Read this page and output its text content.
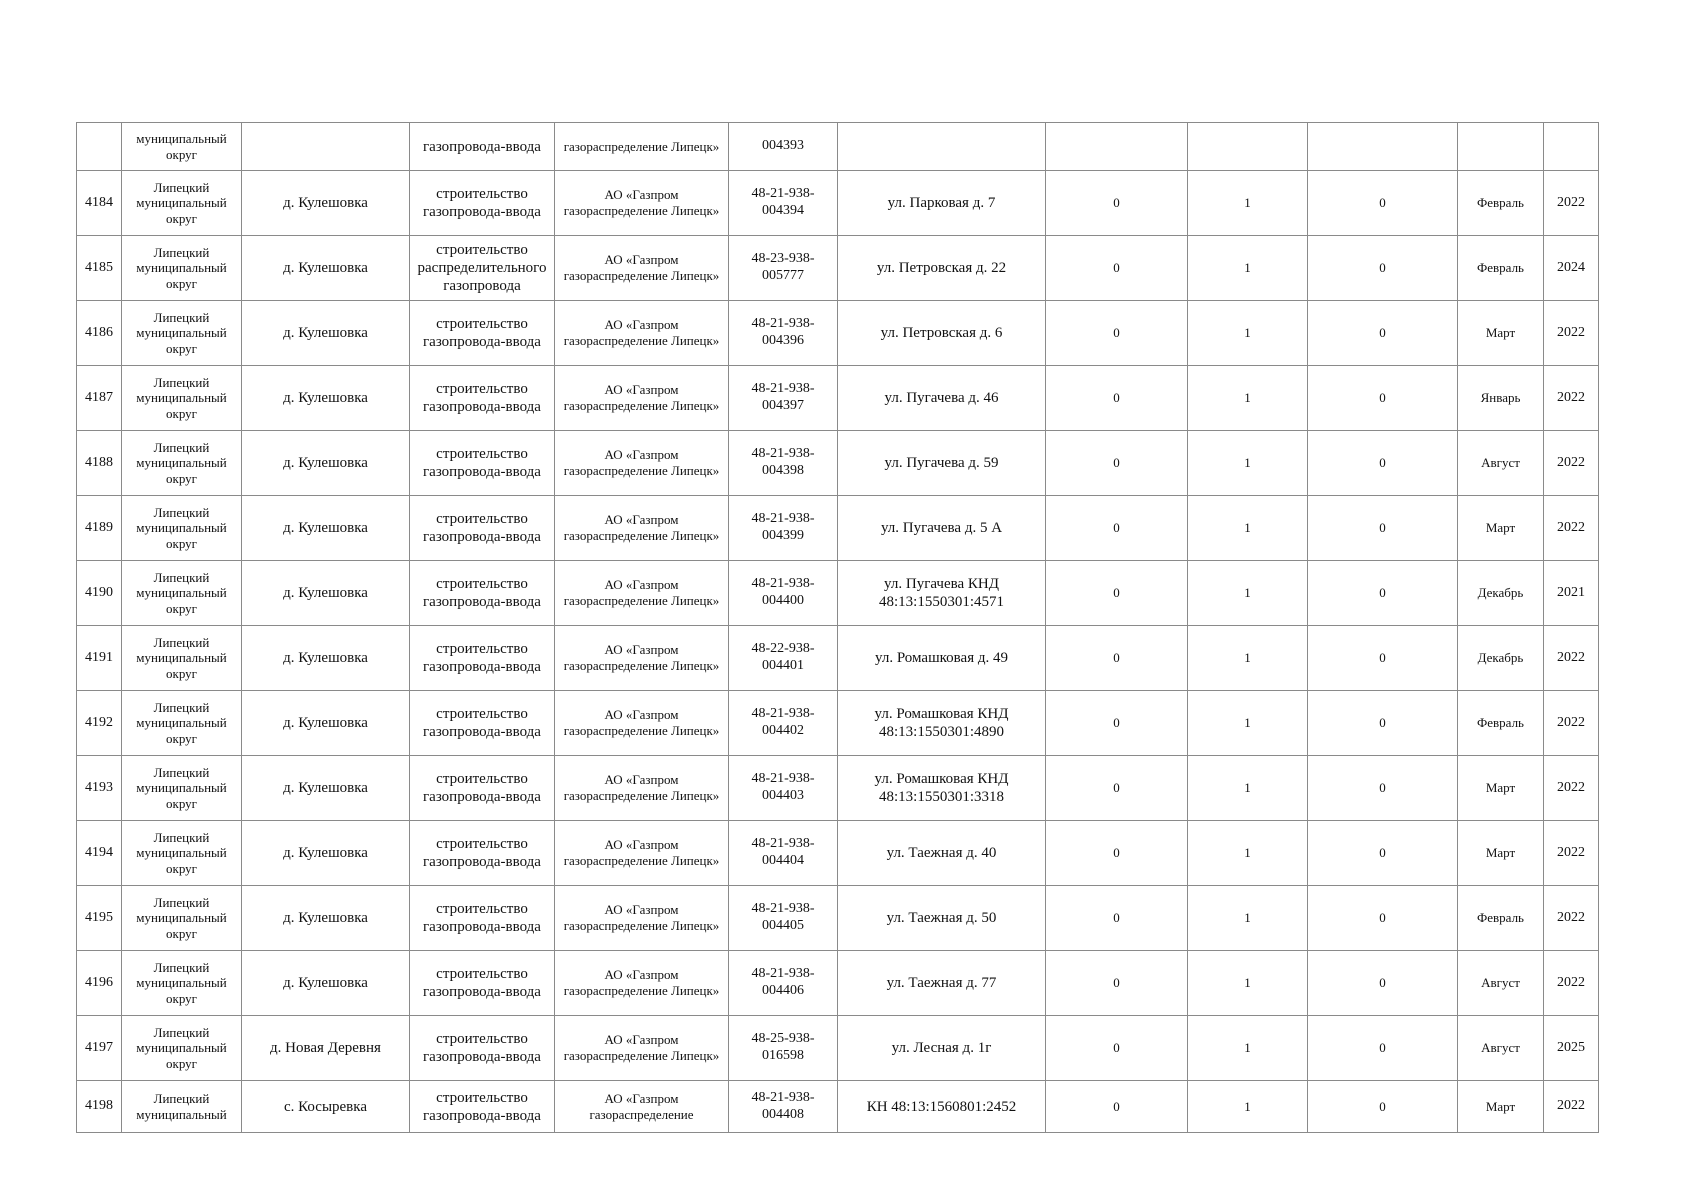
	муниципальный округ		газопровода-ввода	газораспределение Липецк»	004393						
4184	Липецкий муниципальный округ	д. Кулешовка	строительство газопровода-ввода	АО «Газпром газораспределение Липецк»	48-21-938-004394	ул. Парковая д. 7	0	1	0	Февраль	2022
4185	Липецкий муниципальный округ	д. Кулешовка	строительство распределительного газопровода	АО «Газпром газораспределение Липецк»	48-23-938-005777	ул. Петровская д. 22	0	1	0	Февраль	2024
4186	Липецкий муниципальный округ	д. Кулешовка	строительство газопровода-ввода	АО «Газпром газораспределение Липецк»	48-21-938-004396	ул. Петровская д. 6	0	1	0	Март	2022
4187	Липецкий муниципальный округ	д. Кулешовка	строительство газопровода-ввода	АО «Газпром газораспределение Липецк»	48-21-938-004397	ул. Пугачева д. 46	0	1	0	Январь	2022
4188	Липецкий муниципальный округ	д. Кулешовка	строительство газопровода-ввода	АО «Газпром газораспределение Липецк»	48-21-938-004398	ул. Пугачева д. 59	0	1	0	Август	2022
4189	Липецкий муниципальный округ	д. Кулешовка	строительство газопровода-ввода	АО «Газпром газораспределение Липецк»	48-21-938-004399	ул. Пугачева д. 5 А	0	1	0	Март	2022
4190	Липецкий муниципальный округ	д. Кулешовка	строительство газопровода-ввода	АО «Газпром газораспределение Липецк»	48-21-938-004400	ул. Пугачева КНД 48:13:1550301:4571	0	1	0	Декабрь	2021
4191	Липецкий муниципальный округ	д. Кулешовка	строительство газопровода-ввода	АО «Газпром газораспределение Липецк»	48-22-938-004401	ул. Ромашковая д. 49	0	1	0	Декабрь	2022
4192	Липецкий муниципальный округ	д. Кулешовка	строительство газопровода-ввода	АО «Газпром газораспределение Липецк»	48-21-938-004402	ул. Ромашковая КНД 48:13:1550301:4890	0	1	0	Февраль	2022
4193	Липецкий муниципальный округ	д. Кулешовка	строительство газопровода-ввода	АО «Газпром газораспределение Липецк»	48-21-938-004403	ул. Ромашковая КНД 48:13:1550301:3318	0	1	0	Март	2022
4194	Липецкий муниципальный округ	д. Кулешовка	строительство газопровода-ввода	АО «Газпром газораспределение Липецк»	48-21-938-004404	ул. Таежная д. 40	0	1	0	Март	2022
4195	Липецкий муниципальный округ	д. Кулешовка	строительство газопровода-ввода	АО «Газпром газораспределение Липецк»	48-21-938-004405	ул. Таежная д. 50	0	1	0	Февраль	2022
4196	Липецкий муниципальный округ	д. Кулешовка	строительство газопровода-ввода	АО «Газпром газораспределение Липецк»	48-21-938-004406	ул. Таежная д. 77	0	1	0	Август	2022
4197	Липецкий муниципальный округ	д. Новая Деревня	строительство газопровода-ввода	АО «Газпром газораспределение Липецк»	48-25-938-016598	ул. Лесная д. 1г	0	1	0	Август	2025
4198	Липецкий муниципальный	с. Косыревка	строительство газопровода-ввода	АО «Газпром газораспределение	48-21-938-004408	КН 48:13:1560801:2452	0	1	0	Март	2022
